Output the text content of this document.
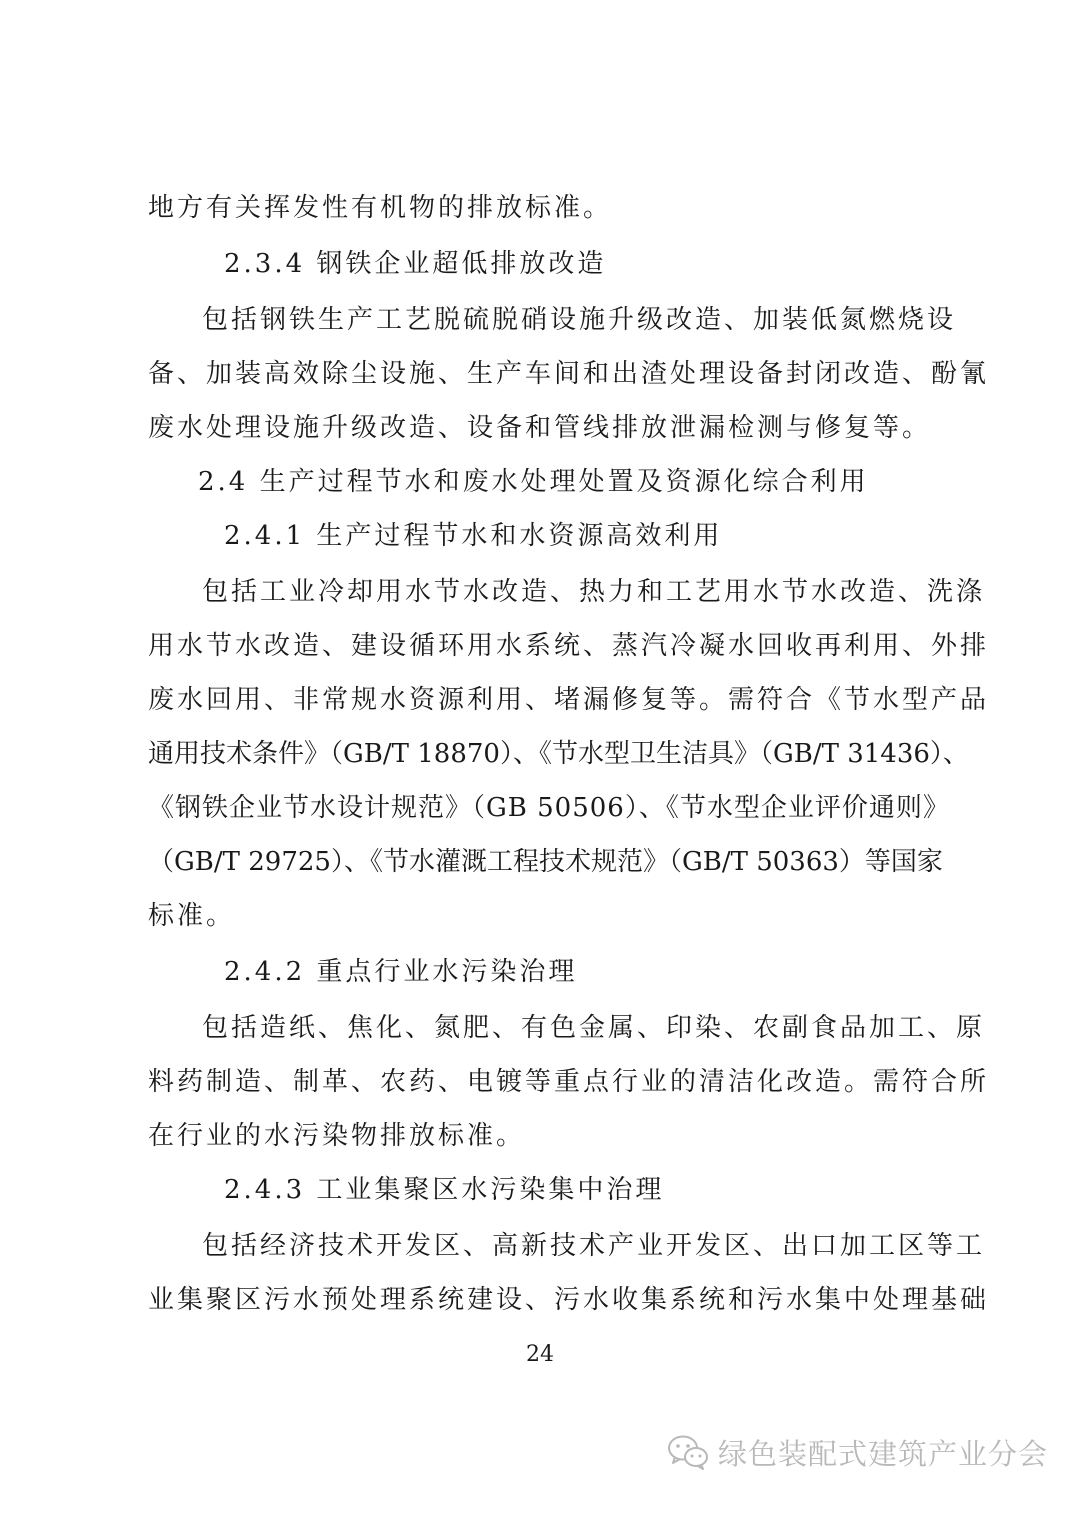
地方有关挥发性有机物的排放标准。
2.3.4 钢铁企业超低排放改造
包括钢铁生产工艺脱硫脱硝设施升级改造、加装低氮燃烧设
备、加装高效除尘设施、生产车间和出渣处理设备封闭改造、酚氰
废水处理设施升级改造、设备和管线排放泄漏检测与修复等。
2.4 生产过程节水和废水处理处置及资源化综合利用
2.4.1 生产过程节水和水资源高效利用
包括工业冷却用水节水改造、热力和工艺用水节水改造、洗涤
用水节水改造、建设循环用水系统、蒸汽冷凝水回收再利用、外排
废水回用、非常规水资源利用、堵漏修复等。需符合《节水型产品
通用技术条件》（GB/T 18870）、《节水型卫生洁具》（GB/T 31436）、
《钢铁企业节水设计规范》（GB 50506）、《节水型企业评价通则》
（GB/T 29725）、《节水灌溉工程技术规范》（GB/T 50363）等国家
标准。
2.4.2 重点行业水污染治理
包括造纸、焦化、氮肥、有色金属、印染、农副食品加工、原
料药制造、制革、农药、电镀等重点行业的清洁化改造。需符合所
在行业的水污染物排放标准。
2.4.3 工业集聚区水污染集中治理
包括经济技术开发区、高新技术产业开发区、出口加工区等工
业集聚区污水预处理系统建设、污水收集系统和污水集中处理基础
24
绿色装配式建筑产业分会
